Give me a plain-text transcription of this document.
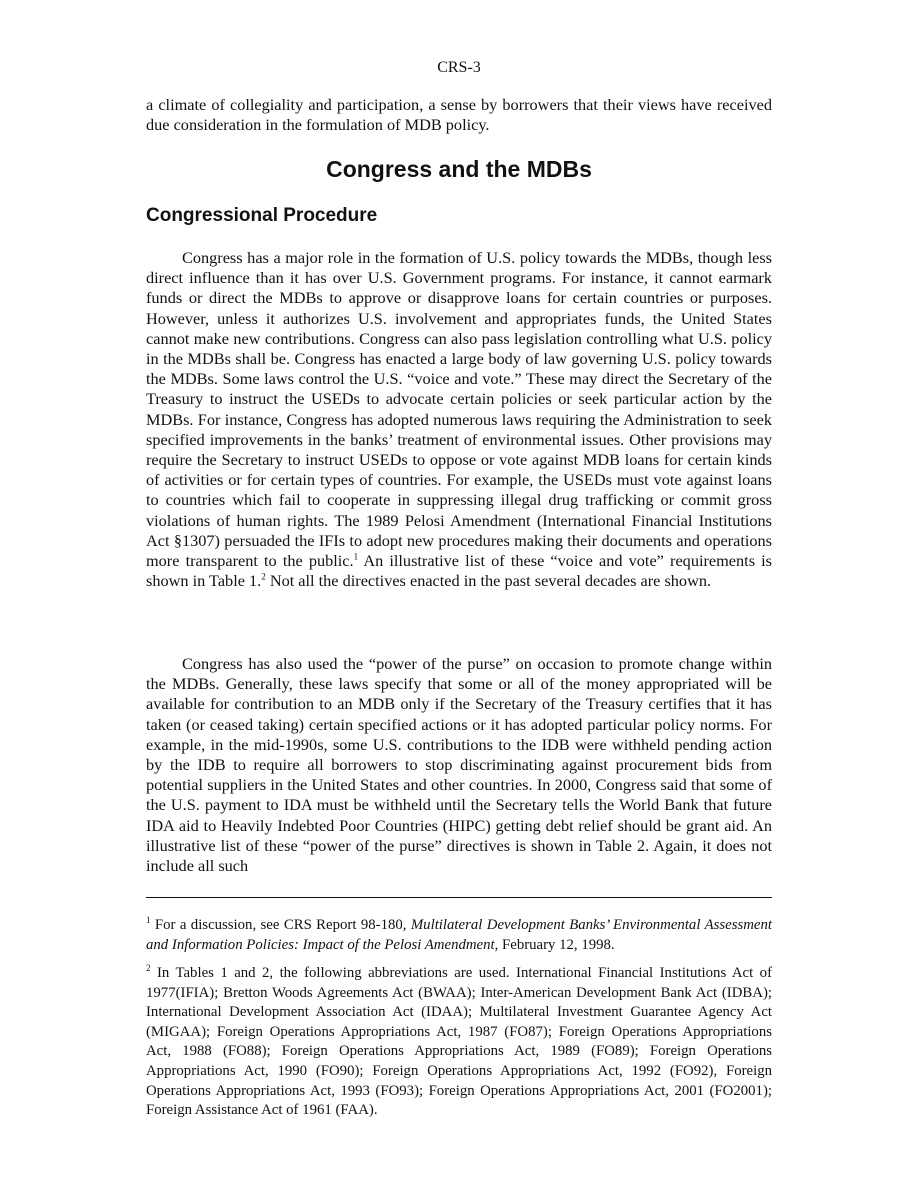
CRS-3

a climate of collegiality and participation, a sense by borrowers that their views have received due consideration in the formulation of MDB policy.

Congress and the MDBs
Congressional Procedure

Congress has a major role in the formation of U.S. policy towards the MDBs, though less direct influence than it has over U.S. Government programs. For instance, it cannot earmark funds or direct the MDBs to approve or disapprove loans for certain countries or purposes. However, unless it authorizes U.S. involvement and appropriates funds, the United States cannot make new contributions. Congress can also pass legislation controlling what U.S. policy in the MDBs shall be. Congress has enacted a large body of law governing U.S. policy towards the MDBs. Some laws control the U.S. “voice and vote.” These may direct the Secretary of the Treasury to instruct the USEDs to advocate certain policies or seek particular action by the MDBs. For instance, Congress has adopted numerous laws requiring the Administration to seek specified improvements in the banks’ treatment of environmental issues. Other provisions may require the Secretary to instruct USEDs to oppose or vote against MDB loans for certain kinds of activities or for certain types of countries. For example, the USEDs must vote against loans to countries which fail to cooperate in suppressing illegal drug trafficking or commit gross violations of human rights. The 1989 Pelosi Amendment (International Financial Institutions Act §1307) persuaded the IFIs to adopt new procedures making their documents and operations more transparent to the public.$^1$ An illustrative list of these “voice and vote” requirements is shown in Table 1.$^2$ Not all the directives enacted in the past several decades are shown.

Congress has also used the “power of the purse” on occasion to promote change within the MDBs. Generally, these laws specify that some or all of the money appropriated will be available for contribution to an MDB only if the Secretary of the Treasury certifies that it has taken (or ceased taking) certain specified actions or it has adopted particular policy norms. For example, in the mid-1990s, some U.S. contributions to the IDB were withheld pending action by the IDB to require all borrowers to stop discriminating against procurement bids from potential suppliers in the United States and other countries. In 2000, Congress said that some of the U.S. payment to IDA must be withheld until the Secretary tells the World Bank that future IDA aid to Heavily Indebted Poor Countries (HIPC) getting debt relief should be grant aid. An illustrative list of these “power of the purse” directives is shown in Table 2. Again, it does not include all such

$^1$ For a discussion, see CRS Report 98-180, Multilateral Development Banks’ Environmental Assessment and Information Policies: Impact of the Pelosi Amendment, February 12, 1998.

$^2$ In Tables 1 and 2, the following abbreviations are used. International Financial Institutions Act of 1977(IFIA); Bretton Woods Agreements Act (BWAA); Inter-American Development Bank Act (IDBA); International Development Association Act (IDAA); Multilateral Investment Guarantee Agency Act (MIGAA); Foreign Operations Appropriations Act, 1987 (FO87); Foreign Operations Appropriations Act, 1988 (FO88); Foreign Operations Appropriations Act, 1989 (FO89); Foreign Operations Appropriations Act, 1990 (FO90); Foreign Operations Appropriations Act, 1992 (FO92), Foreign Operations Appropriations Act, 1993 (FO93); Foreign Operations Appropriations Act, 2001 (FO2001); Foreign Assistance Act of 1961 (FAA).
